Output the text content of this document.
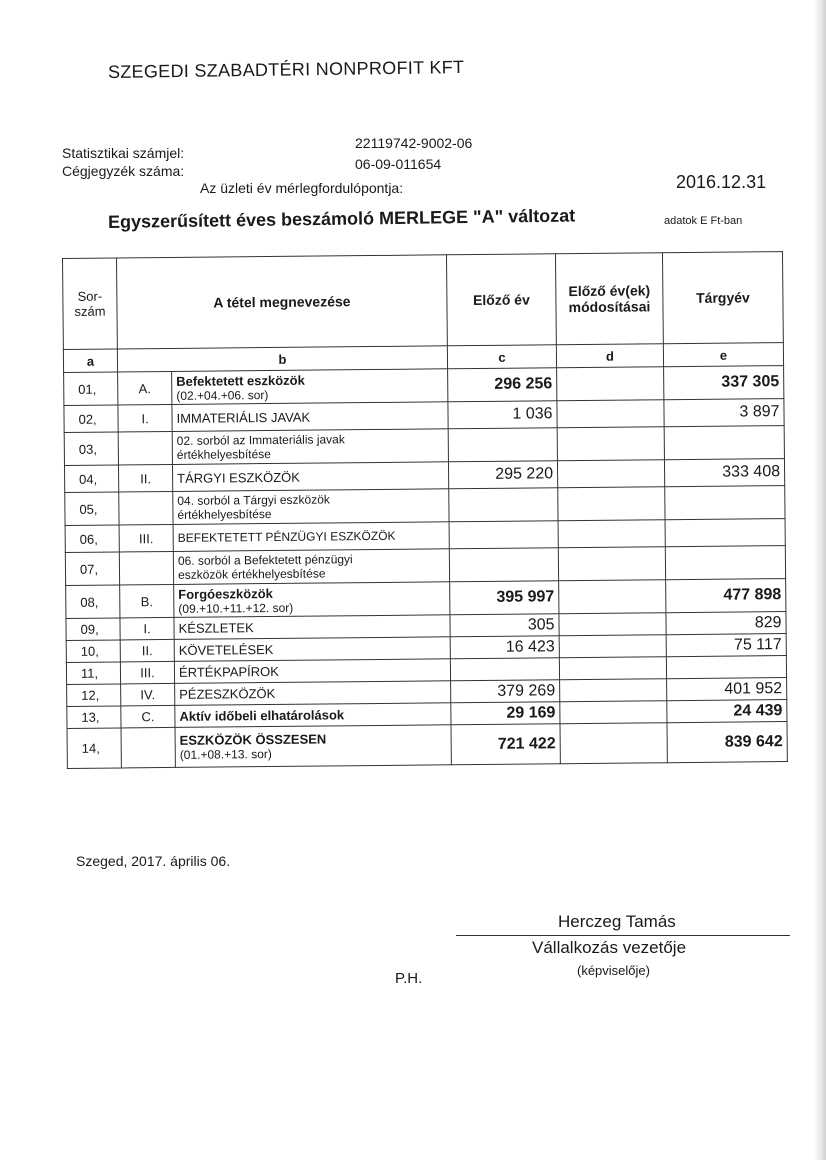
SZEGEDI SZABADTÉRI NONPROFIT KFT
Statisztikai számjel:
22119742-9002-06
Cégjegyzék száma:	06-09-011654
Az üzleti év mérlegfordulópontja:	2016.12.31
Egyszerűsített éves beszámoló MERLEGE "A" változat	adatok E Ft-ban
Sor-
szám	A tétel megnevezése		Előző év	Előző év(ek) módosításai	Tárgyév
a	b		c	d	e
01,	A.	Befektetett eszközök
(02.+04.+06. sor)	296 256		337 305
02,	I.	IMMATERIÁLIS JAVAK	1 036		3 897
03,		02. sorból az Immateriális javak
értékhelyesbítése			

04,	II.	TÁRGYI ESZKÖZÖK	295 220		333 408
05,		04. sorból a Tárgyi eszközök
értékhelyesbítése			

06,	III.	BEFEKTETETT PÉNZÜGYI ESZKÖZÖK			
07,		06. sorból a Befektetett pénzügyi
eszközök értékhelyesbítése			

08,	B.	Forgóeszközök
(09.+10.+11.+12. sor)	395 997		477 898
09,	I.	KÉSZLETEK	305		829
10,	II.	KÖVETELÉSEK	16 423		75 117
11,	III.	ÉRTÉKPAPÍROK			
12,	IV.	PÉZESZKÖZÖK	379 269		401 952
13,	C.	Aktív időbeli elhatárolások	29 169		24 439
14,		ESZKÖZÖK ÖSSZESEN
(01.+08.+13. sor)	721 422		839 642
Szeged, 2017. április 06.
Herczeg Tamás
Vállalkozás vezetője
(képviselője)
P.H.
